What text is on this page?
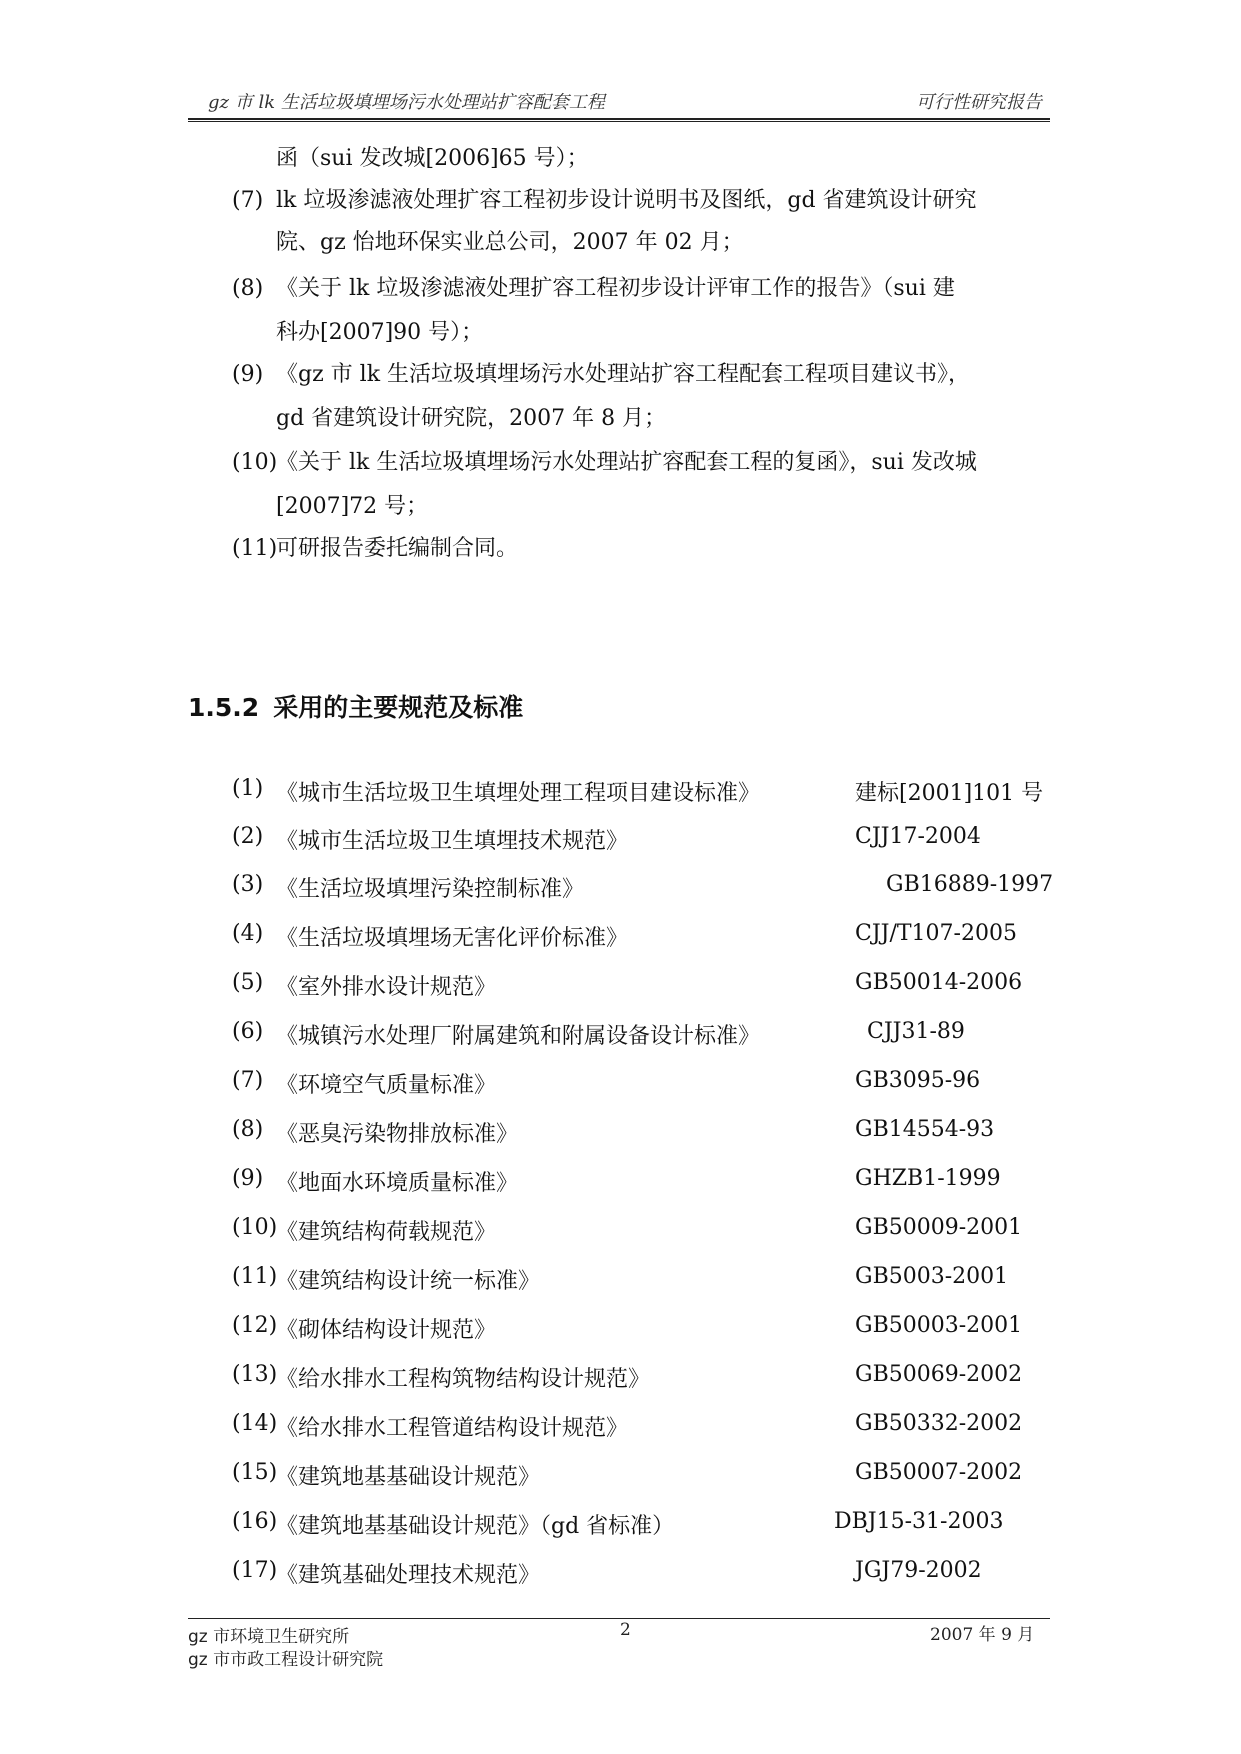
gz 市 lk 生活垃圾填埋场污水处理站扩容配套工程	可行性研究报告
函（sui 发改城[2006]65 号）；
(7) lk 垃圾渗滤液处理扩容工程初步设计说明书及图纸，gd 省建筑设计研究
院、gz 怡地环保实业总公司，2007 年 02 月；
(8) 《关于 lk 垃圾渗滤液处理扩容工程初步设计评审工作的报告》（sui 建
科办[2007]90 号）；
(9) 《gz 市 lk 生活垃圾填埋场污水处理站扩容工程配套工程项目建议书》，
gd 省建筑设计研究院，2007 年 8 月；
(10)
《关于 lk 生活垃圾填埋场污水处理站扩容配套工程的复函》，sui 发改城
[2007]72 号；
(11)
可研报告委托编制合同。
1.5.2 采用的主要规范及标准
(1) 《城市生活垃圾卫生填埋处理工程项目建设标准》	建标[2001]101 号
(2) 《城市生活垃圾卫生填埋技术规范》	CJJ17-2004
(3) 《生活垃圾填埋污染控制标准》	GB16889-1997
(4) 《生活垃圾填埋场无害化评价标准》	CJJ/T107-2005
(5) 《室外排水设计规范》	GB50014-2006
(6) 《城镇污水处理厂附属建筑和附属设备设计标准》	CJJ31-89
(7) 《环境空气质量标准》	GB3095-96
(8) 《恶臭污染物排放标准》	GB14554-93
(9) 《地面水环境质量标准》	GHZB1-1999
(10)
《建筑结构荷载规范》	GB50009-2001
(11)
《建筑结构设计统一标准》	GB5003-2001
(12)
《砌体结构设计规范》	GB50003-2001
(13)
《给水排水工程构筑物结构设计规范》	GB50069-2002
(14)
《给水排水工程管道结构设计规范》	GB50332-2002
(15)
《建筑地基基础设计规范》	GB50007-2002
(16)
《建筑地基基础设计规范》（gd 省标准）	DBJ15-31-2003
(17)
《建筑基础处理技术规范》	JGJ79-2002
gz 市环境卫生研究所
gz 市市政工程设计研究院
2	2007 年 9 月
